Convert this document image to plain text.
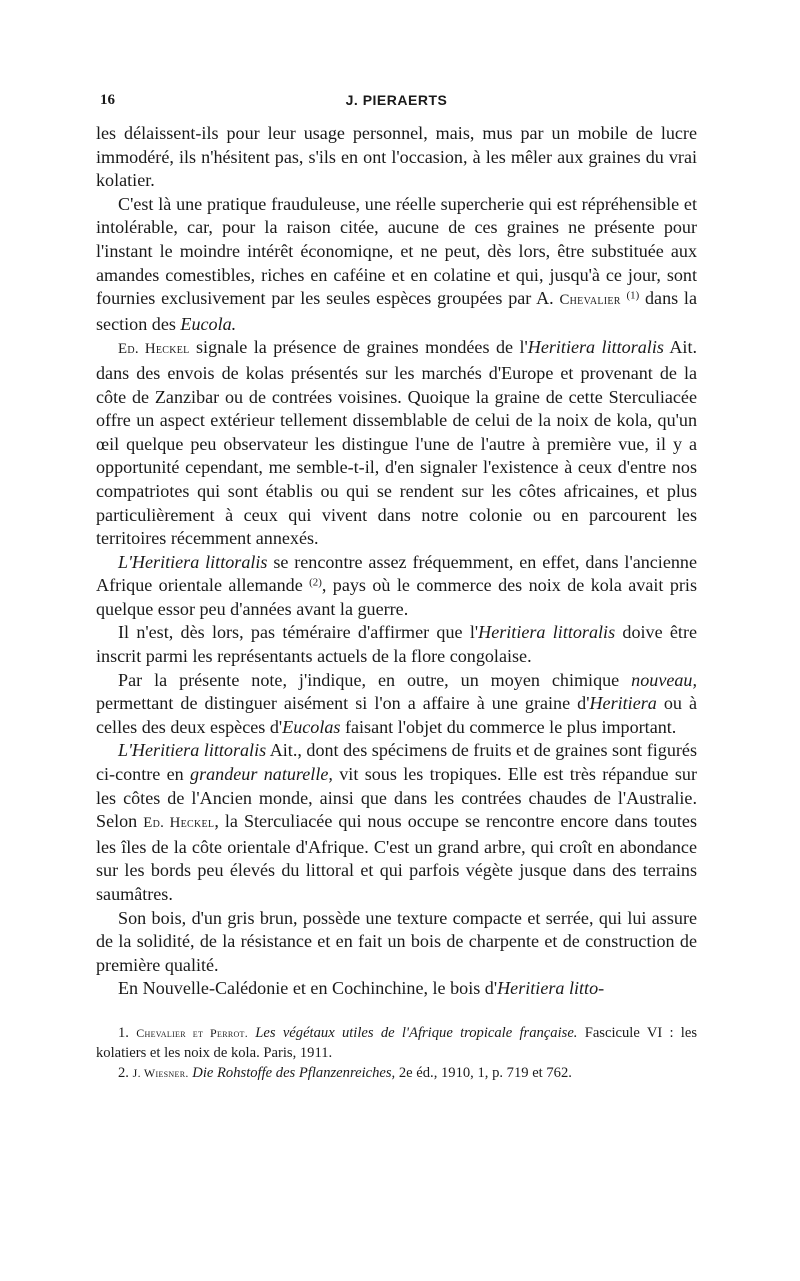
16	J. PIERAERTS

les délaissent-ils pour leur usage personnel, mais, mus par un mobile de lucre immodéré, ils n'hésitent pas, s'ils en ont l'occasion, à les mêler aux graines du vrai kolatier.

C'est là une pratique frauduleuse, une réelle supercherie qui est répréhensible et intolérable, car, pour la raison citée, aucune de ces graines ne présente pour l'instant le moindre intérêt économiqne, et ne peut, dès lors, être substituée aux amandes comestibles, riches en caféine et en colatine et qui, jusqu'à ce jour, sont fournies exclusivement par les seules espèces groupées par A. Chevalier $^{(1)}$ dans la section des Eucola.

Ed. Heckel signale la présence de graines mondées de l'Heritiera littoralis Ait. dans des envois de kolas présentés sur les marchés d'Europe et provenant de la côte de Zanzibar ou de contrées voisines. Quoique la graine de cette Sterculiacée offre un aspect extérieur tellement dissemblable de celui de la noix de kola, qu'un œil quelque peu observateur les distingue l'une de l'autre à première vue, il y a opportunité cependant, me semble-t-il, d'en signaler l'existence à ceux d'entre nos compatriotes qui sont établis ou qui se rendent sur les côtes africaines, et plus particulièrement à ceux qui vivent dans notre colonie ou en parcourent les territoires récemment annexés.

L'Heritiera littoralis se rencontre assez fréquemment, en effet, dans l'ancienne Afrique orientale allemande $^{(2)}$, pays où le commerce des noix de kola avait pris quelque essor peu d'années avant la guerre.

Il n'est, dès lors, pas téméraire d'affirmer que l'Heritiera littoralis doive être inscrit parmi les représentants actuels de la flore congolaise.

Par la présente note, j'indique, en outre, un moyen chimique nouveau, permettant de distinguer aisément si l'on a affaire à une graine d'Heritiera ou à celles des deux espèces d'Eucolas faisant l'objet du commerce le plus important.

L'Heritiera littoralis Ait., dont des spécimens de fruits et de graines sont figurés ci-contre en grandeur naturelle, vit sous les tropiques. Elle est très répandue sur les côtes de l'Ancien monde, ainsi que dans les contrées chaudes de l'Australie. Selon Ed. Heckel, la Sterculiacée qui nous occupe se rencontre encore dans toutes les îles de la côte orientale d'Afrique. C'est un grand arbre, qui croît en abondance sur les bords peu élevés du littoral et qui parfois végète jusque dans des terrains saumâtres.

Son bois, d'un gris brun, possède une texture compacte et serrée, qui lui assure de la solidité, de la résistance et en fait un bois de charpente et de construction de première qualité.

En Nouvelle-Calédonie et en Cochinchine, le bois d'Heritiera litto-

1. Chevalier et Perrot. Les végétaux utiles de l'Afrique tropicale française. Fascicule VI : les kolatiers et les noix de kola. Paris, 1911.

2. J. Wiesner. Die Rohstoffe des Pflanzenreiches, 2e éd., 1910, 1, p. 719 et 762.
